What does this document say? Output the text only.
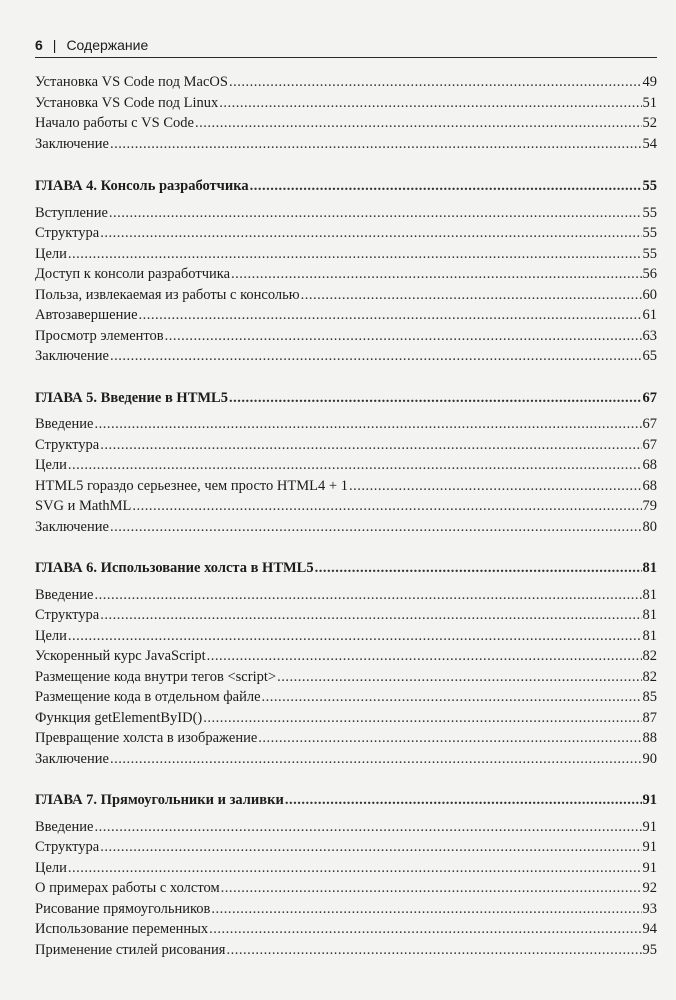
6 | Содержание
Установка VS Code под MacOS .....	49
Установка VS Code под Linux .....	51
Начало работы с VS Code .....	52
Заключение .....	54
ГЛАВА 4. Консоль разработчика .....	55
Вступление .....	55
Структура .....	55
Цели .....	55
Доступ к консоли разработчика .....	56
Польза, извлекаемая из работы с консолью .....	60
Автозавершение .....	61
Просмотр элементов .....	63
Заключение .....	65
ГЛАВА 5. Введение в HTML5 .....	67
Введение .....	67
Структура .....	67
Цели .....	68
HTML5 гораздо серьезнее, чем просто HTML4 + 1 .....	68
SVG и MathML .....	79
Заключение .....	80
ГЛАВА 6. Использование холста в HTML5 .....	81
Введение .....	81
Структура .....	81
Цели .....	81
Ускоренный курс JavaScript .....	82
Размещение кода внутри тегов <script> .....	82
Размещение кода в отдельном файле .....	85
Функция getElementByID() .....	87
Превращение холста в изображение .....	88
Заключение .....	90
ГЛАВА 7. Прямоугольники и заливки .....	91
Введение .....	91
Структура .....	91
Цели .....	91
О примерах работы с холстом .....	92
Рисование прямоугольников .....	93
Использование переменных .....	94
Применение стилей рисования .....	95
